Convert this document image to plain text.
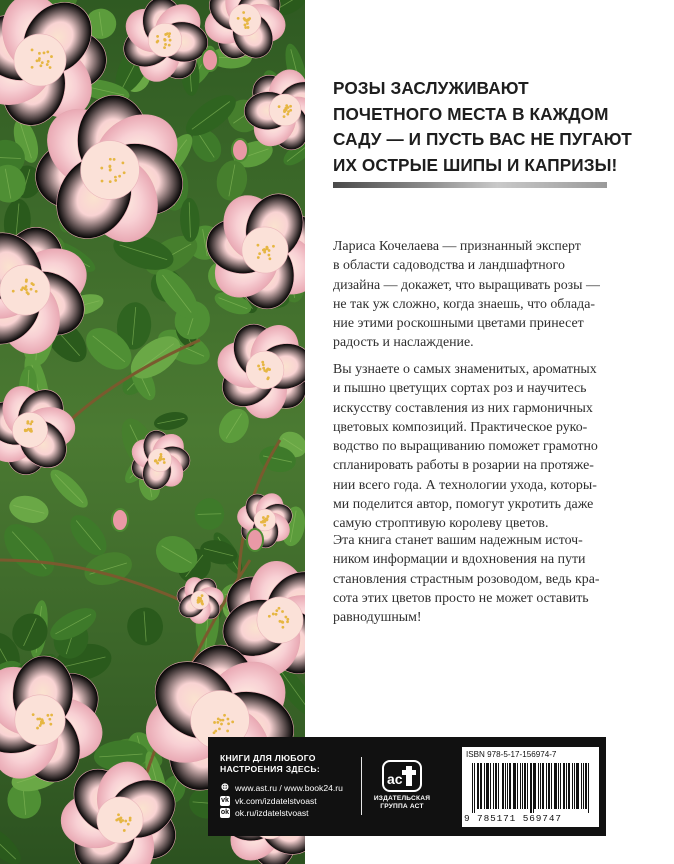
РОЗЫ ЗАСЛУЖИВАЮТ
ПОЧЕТНОГО МЕСТА В КАЖДОМ
САДУ — И ПУСТЬ ВАС НЕ ПУГАЮТ
ИХ ОСТРЫЕ ШИПЫ И КАПРИЗЫ!
Лариса Кочелаева — признанный эксперт
в области садоводства и ландшафтного
дизайна — докажет, что выращивать розы —
не так уж сложно, когда знаешь, что облада-
ние этими роскошными цветами принесет
радость и наслаждение.
Вы узнаете о самых знаменитых, ароматных
и пышно цветущих сортах роз и научитесь
искусству составления из них гармоничных
цветовых композиций. Практическое руко-
водство по выращиванию поможет грамотно
спланировать работы в розарии на протяже-
нии всего года. А технологии ухода, которы-
ми поделится автор, помогут укротить даже
самую строптивую королеву цветов.
Эта книга станет вашим надежным источ-
ником информации и вдохновения на пути
становления страстным розоводом, ведь кра-
сота этих цветов просто не может оставить
равнодушным!
КНИГИ ДЛЯ ЛЮБОГО
НАСТРОЕНИЯ ЗДЕСЬ:
⊕ www.ast.ru / www.book24.ru
vk vk.com/izdatelstvoast
ok ok.ru/izdatelstvoast
ас
ИЗДАТЕЛЬСКАЯ
ГРУППА АСТ
ISBN 978-5-17-156974-7
9 785171 569747
